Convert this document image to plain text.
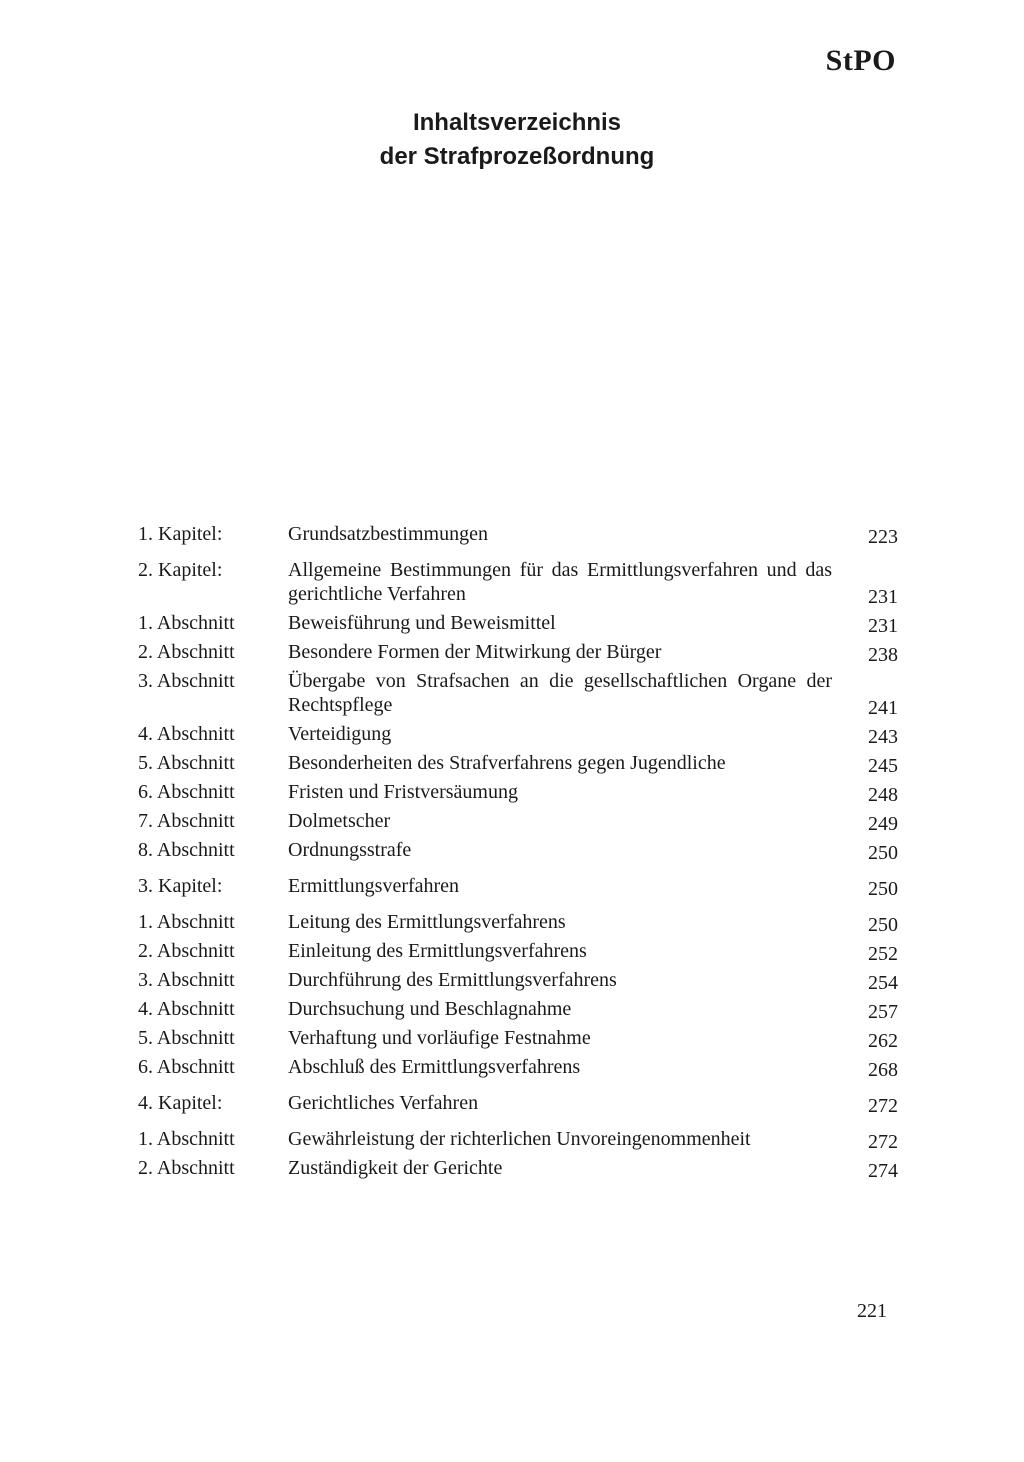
StPO
Inhaltsverzeichnis
der Strafprozeßordnung
1. Kapitel:	Grundsatzbestimmungen	223
2. Kapitel:	Allgemeine Bestimmungen für das Ermittlungsverfahren und das gerichtliche Verfahren	231
1. Abschnitt	Beweisführung und Beweismittel	231
2. Abschnitt	Besondere Formen der Mitwirkung der Bürger	238
3. Abschnitt	Übergabe von Strafsachen an die gesellschaftlichen Organe der Rechtspflege	241
4. Abschnitt	Verteidigung	243
5. Abschnitt	Besonderheiten des Strafverfahrens gegen Jugendliche	245
6. Abschnitt	Fristen und Fristversäumung	248
7. Abschnitt	Dolmetscher	249
8. Abschnitt	Ordnungsstrafe	250
3. Kapitel:	Ermittlungsverfahren	250
1. Abschnitt	Leitung des Ermittlungsverfahrens	250
2. Abschnitt	Einleitung des Ermittlungsverfahrens	252
3. Abschnitt	Durchführung des Ermittlungsverfahrens	254
4. Abschnitt	Durchsuchung und Beschlagnahme	257
5. Abschnitt	Verhaftung und vorläufige Festnahme	262
6. Abschnitt	Abschluß des Ermittlungsverfahrens	268
4. Kapitel:	Gerichtliches Verfahren	272
1. Abschnitt	Gewährleistung der richterlichen Unvoreingenommenheit	272
2. Abschnitt	Zuständigkeit der Gerichte	274
221
